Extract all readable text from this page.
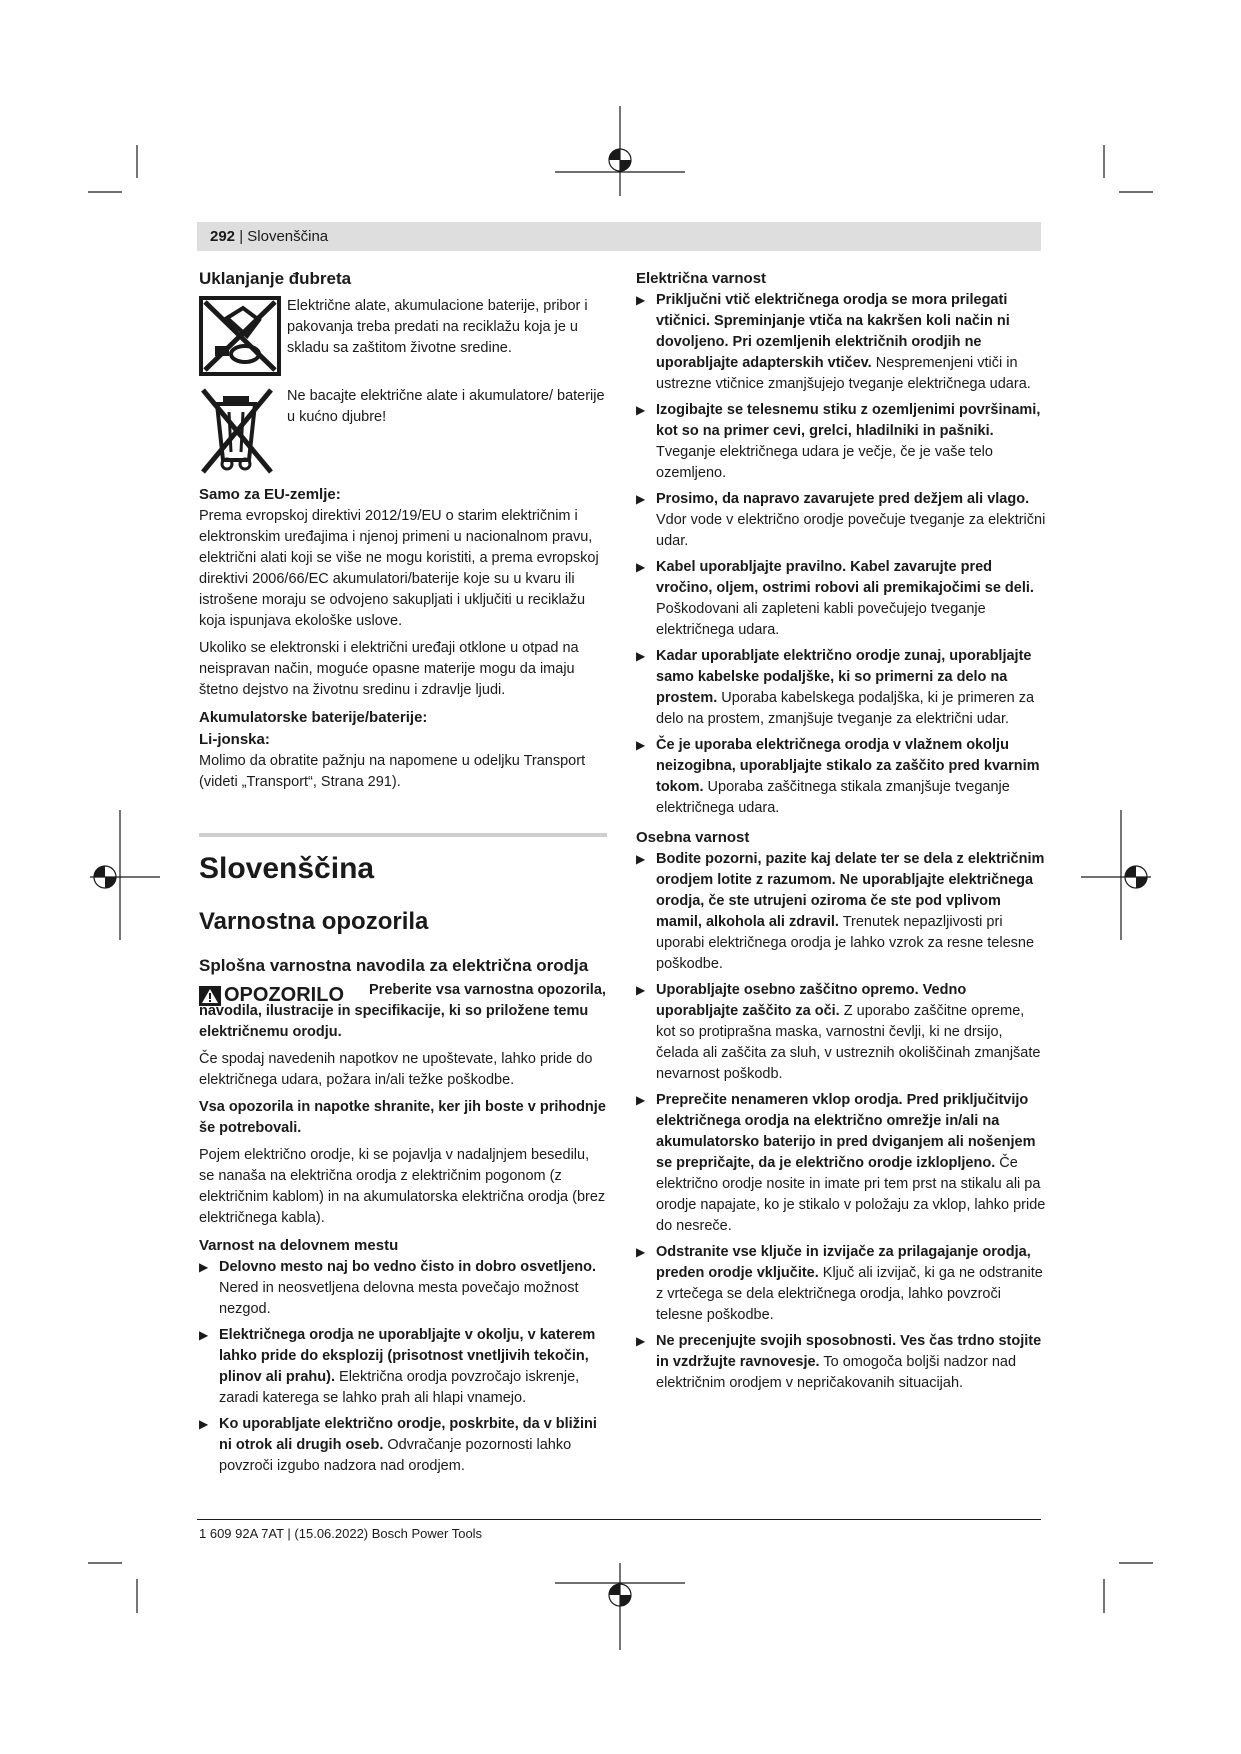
292 | Slovenščina
Uklanjanje đubreta
Električne alate, akumulacione baterije, pribor i pakovanja treba predati na reciklažu koja je u skladu sa zaštitom životne sredine.
Ne bacajte električne alate i akumulatore/ baterije u kućno djubre!
Samo za EU-zemlje:

Prema evropskoj direktivi 2012/19/EU o starim električnim i elektronskim uređajima i njenoj primeni u nacionalnom pravu, električni alati koji se više ne mogu koristiti, a prema evropskoj direktivi 2006/66/EC akumulatori/baterije koje su u kvaru ili istrošene moraju se odvojeno sakupljati i uključiti u reciklažu koja ispunjava ekološke uslove.

Ukoliko se elektronski i električni uređaji otklone u otpad na neispravan način, moguće opasne materije mogu da imaju štetno dejstvo na životnu sredinu i zdravlje ljudi.

Akumulatorske baterije/baterije:
Li-jonska:

Molimo da obratite pažnju na napomene u odeljku Transport (videti „Transport“, Strana 291).

Slovenščina
Varnostna opozorila
Splošna varnostna navodila za električna orodja
OPOZORILO	Preberite vsa varnostna opozorila, navodila, ilustracije in specifikacije, ki so priložene temu električnemu orodju.

Če spodaj navedenih napotkov ne upoštevate, lahko pride do električnega udara, požara in/ali težke poškodbe.

Vsa opozorila in napotke shranite, ker jih boste v prihodnje še potrebovali.

Pojem električno orodje, ki se pojavlja v nadaljnjem besedilu, se nanaša na električna orodja z električnim pogonom (z električnim kablom) in na akumulatorska električna orodja (brez električnega kabla).

Varnost na delovnem mestu
▶ Delovno mesto naj bo vedno čisto in dobro osvetljeno. Nered in neosvetljena delovna mesta povečajo možnost nezgod.
▶ Električnega orodja ne uporabljajte v okolju, v katerem lahko pride do eksplozij (prisotnost vnetljivih tekočin, plinov ali prahu). Električna orodja povzročajo iskrenje, zaradi katerega se lahko prah ali hlapi vnamejo.
▶ Ko uporabljate električno orodje, poskrbite, da v bližini ni otrok ali drugih oseb. Odvračanje pozornosti lahko povzroči izgubo nadzora nad orodjem.
Električna varnost
▶ Priključni vtič električnega orodja se mora prilegati vtičnici. Spreminjanje vtiča na kakršen koli način ni dovoljeno. Pri ozemljenih električnih orodjih ne uporabljajte adapterskih vtičev. Nespremenjeni vtiči in ustrezne vtičnice zmanjšujejo tveganje električnega udara.
▶ Izogibajte se telesnemu stiku z ozemljenimi površinami, kot so na primer cevi, grelci, hladilniki in pašniki. Tveganje električnega udara je večje, če je vaše telo ozemljeno.
▶ Prosimo, da napravo zavarujete pred dežjem ali vlago. Vdor vode v električno orodje povečuje tveganje za električni udar.
▶ Kabel uporabljajte pravilno. Kabel zavarujte pred vročino, oljem, ostrimi robovi ali premikajočimi se deli. Poškodovani ali zapleteni kabli povečujejo tveganje električnega udara.
▶ Kadar uporabljate električno orodje zunaj, uporabljajte samo kabelske podaljške, ki so primerni za delo na prostem. Uporaba kabelskega podaljška, ki je primeren za delo na prostem, zmanjšuje tveganje za električni udar.
▶ Če je uporaba električnega orodja v vlažnem okolju neizogibna, uporabljajte stikalo za zaščito pred kvarnim tokom. Uporaba zaščitnega stikala zmanjšuje tveganje električnega udara.
Osebna varnost
▶ Bodite pozorni, pazite kaj delate ter se dela z električnim orodjem lotite z razumom. Ne uporabljajte električnega orodja, če ste utrujeni oziroma če ste pod vplivom mamil, alkohola ali zdravil. Trenutek nepazljivosti pri uporabi električnega orodja je lahko vzrok za resne telesne poškodbe.
▶ Uporabljajte osebno zaščitno opremo. Vedno uporabljajte zaščito za oči. Z uporabo zaščitne opreme, kot so protiprašna maska, varnostni čevlji, ki ne drsijo, čelada ali zaščita za sluh, v ustreznih okoliščinah zmanjšate nevarnost poškodb.
▶ Preprečite nenameren vklop orodja. Pred priključitvijo električnega orodja na električno omrežje in/ali na akumulatorsko baterijo in pred dviganjem ali nošenjem se prepričajte, da je električno orodje izklopljeno. Če električno orodje nosite in imate pri tem prst na stikalu ali pa orodje napajate, ko je stikalo v položaju za vklop, lahko pride do nesreče.
▶ Odstranite vse ključe in izvijače za prilagajanje orodja, preden orodje vključite. Ključ ali izvijač, ki ga ne odstranite z vrtečega se dela električnega orodja, lahko povzroči telesne poškodbe.
▶ Ne precenjujte svojih sposobnosti. Ves čas trdno stojite in vzdržujte ravnovesje. To omogoča boljši nadzor nad električnim orodjem v nepričakovanih situacijah.
1 609 92A 7AT | (15.06.2022) Bosch Power Tools
